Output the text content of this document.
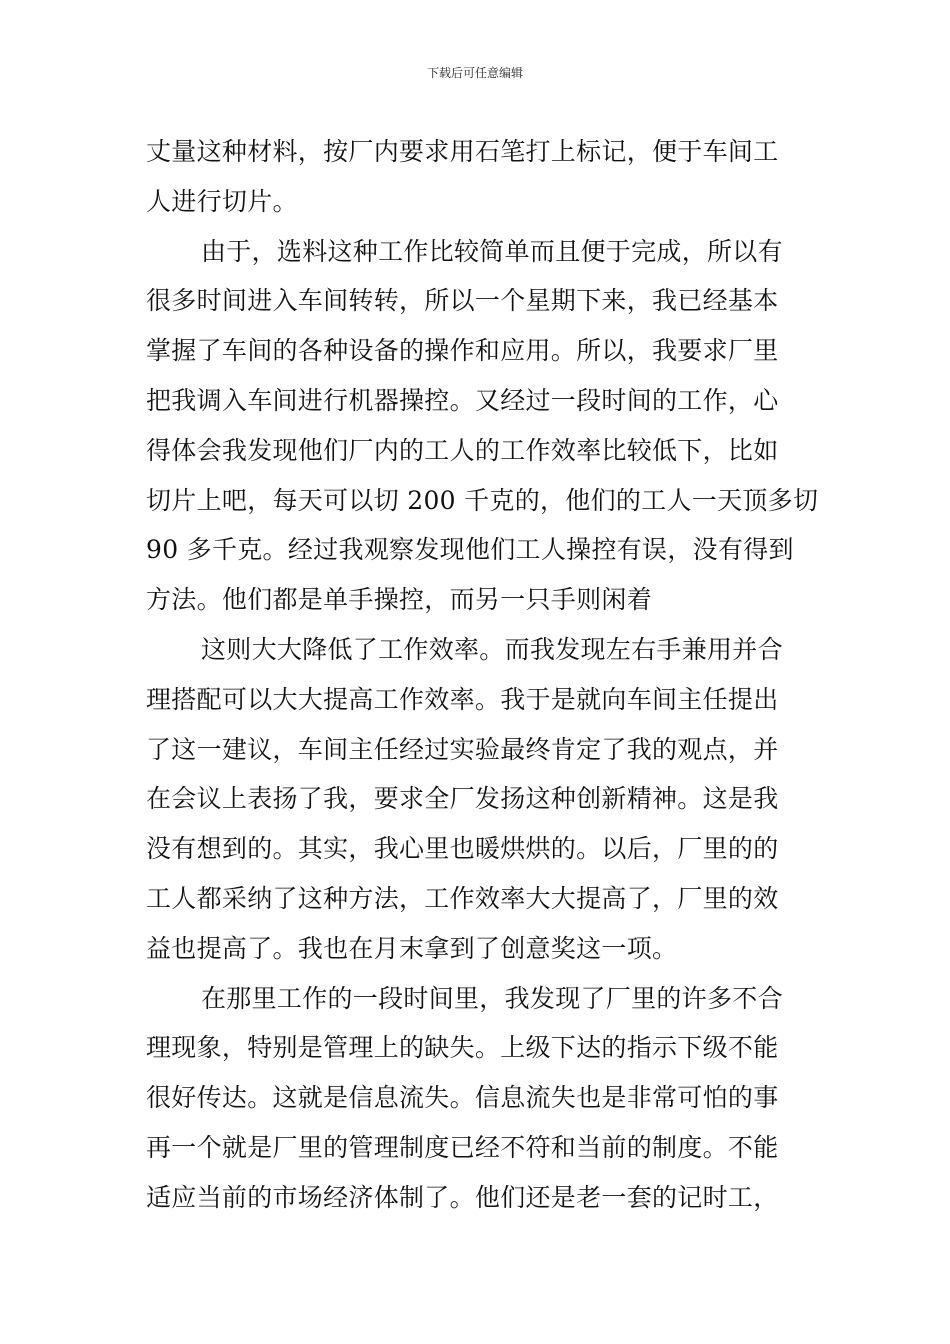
下载后可任意编辑
丈量这种材料，按厂内要求用石笔打上标记，便于车间工
人进行切片。
由于，选料这种工作比较简单而且便于完成，所以有
很多时间进入车间转转，所以一个星期下来，我已经基本
掌握了车间的各种设备的操作和应用。所以，我要求厂里
把我调入车间进行机器操控。又经过一段时间的工作，心
得体会我发现他们厂内的工人的工作效率比较低下，比如
切片上吧，每天可以切 200 千克的，他们的工人一天顶多切
90 多千克。经过我观察发现他们工人操控有误，没有得到
方法。他们都是单手操控，而另一只手则闲着
这则大大降低了工作效率。而我发现左右手兼用并合
理搭配可以大大提高工作效率。我于是就向车间主任提出
了这一建议，车间主任经过实验最终肯定了我的观点，并
在会议上表扬了我，要求全厂发扬这种创新精神。这是我
没有想到的。其实，我心里也暖烘烘的。以后，厂里的的
工人都采纳了这种方法，工作效率大大提高了，厂里的效
益也提高了。我也在月末拿到了创意奖这一项。
在那里工作的一段时间里，我发现了厂里的许多不合
理现象，特别是管理上的缺失。上级下达的指示下级不能
很好传达。这就是信息流失。信息流失也是非常可怕的事
再一个就是厂里的管理制度已经不符和当前的制度。不能
适应当前的市场经济体制了。他们还是老一套的记时工，
